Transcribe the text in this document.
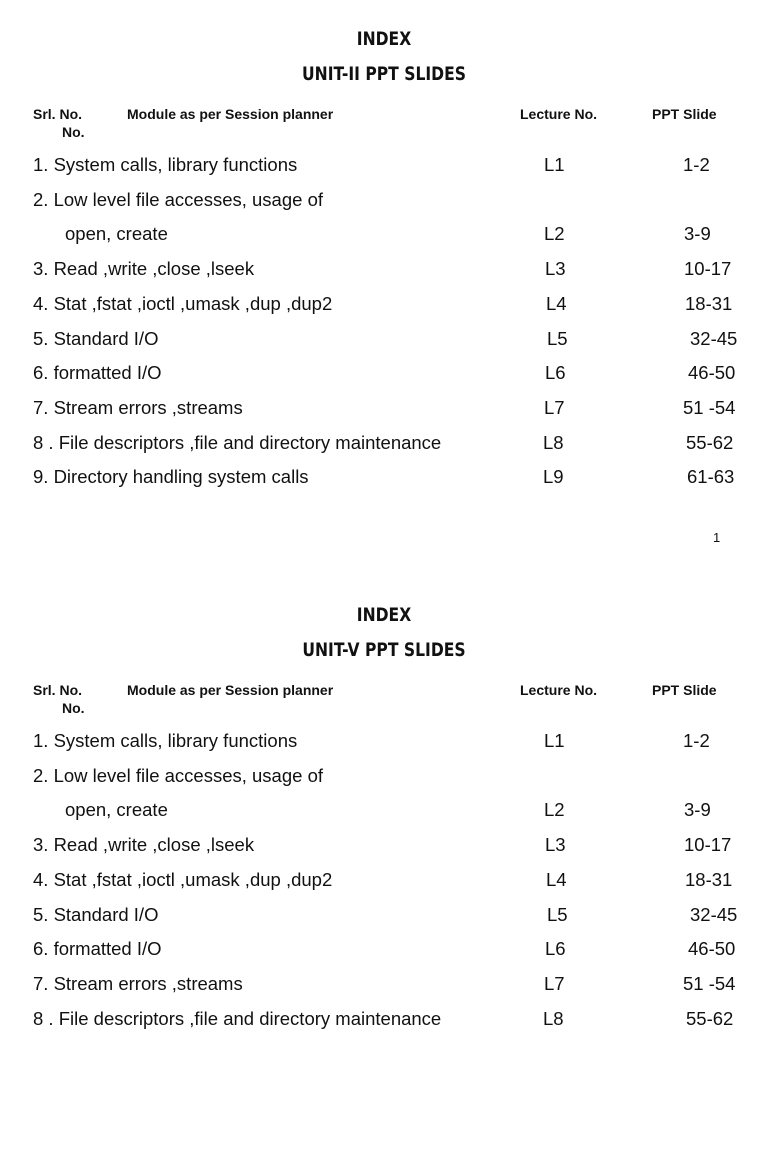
INDEX
UNIT-II PPT SLIDES
Srl. No.
No.
Module as per Session planner	Lecture No.	PPT Slide
1. System calls, library functions	L1	1-2
2. Low level file accesses, usage of
open, create	L2	3-9
3. Read ,write ,close ,lseek	L3	10-17
4. Stat ,fstat ,ioctl ,umask ,dup ,dup2	L4	18-31
5. Standard I/O	L5	32-45
6. formatted I/O	L6	46-50
7. Stream errors ,streams	L7	51 -54
8 . File descriptors ,file and directory maintenance	L8	55-62
9. Directory handling system calls	L9	61-63
1
INDEX
UNIT-V PPT SLIDES
Srl. No.
No.
Module as per Session planner	Lecture No.	PPT Slide
1. System calls, library functions	L1	1-2
2. Low level file accesses, usage of
open, create	L2	3-9
3. Read ,write ,close ,lseek	L3	10-17
4. Stat ,fstat ,ioctl ,umask ,dup ,dup2	L4	18-31
5. Standard I/O	L5	32-45
6. formatted I/O	L6	46-50
7. Stream errors ,streams	L7	51 -54
8 . File descriptors ,file and directory maintenance	L8	55-62
